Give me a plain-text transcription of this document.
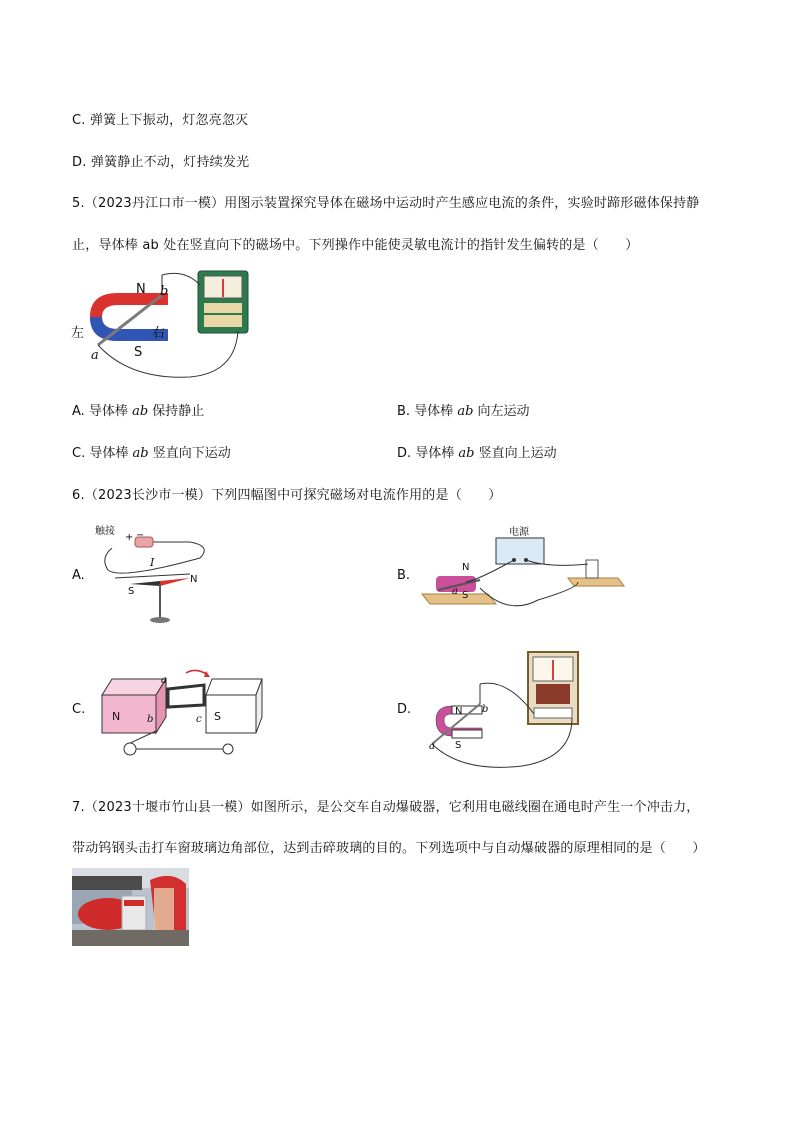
C. 弹簧上下振动，灯忽亮忽灭
D. 弹簧静止不动，灯持续发光
5.（2023丹江口市一模）用图示装置探究导体在磁场中运动时产生感应电流的条件，实验时蹄形磁体保持静
止，导体棒 ab 处在竖直向下的磁场中。下列操作中能使灵敏电流计的指针发生偏转的是（　　）
N
S
左	右
a
b
A. 导体棒 ab 保持静止	B. 导体棒 ab 向左运动
C. 导体棒 ab 竖直向下运动	D. 导体棒 ab 竖直向上运动
6.（2023长沙市一模）下列四幅图中可探究磁场对电流作用的是（　　）
A.
触接
+ −
I
N
S
B.
电源
N
S
a
C. N	S
a
b	c
D.	N
S
a
b
7.（2023十堰市竹山县一模）如图所示，是公交车自动爆破器，它利用电磁线圈在通电时产生一个冲击力，
带动钨钢头击打车窗玻璃边角部位，达到击碎玻璃的目的。下列选项中与自动爆破器的原理相同的是（　　）
